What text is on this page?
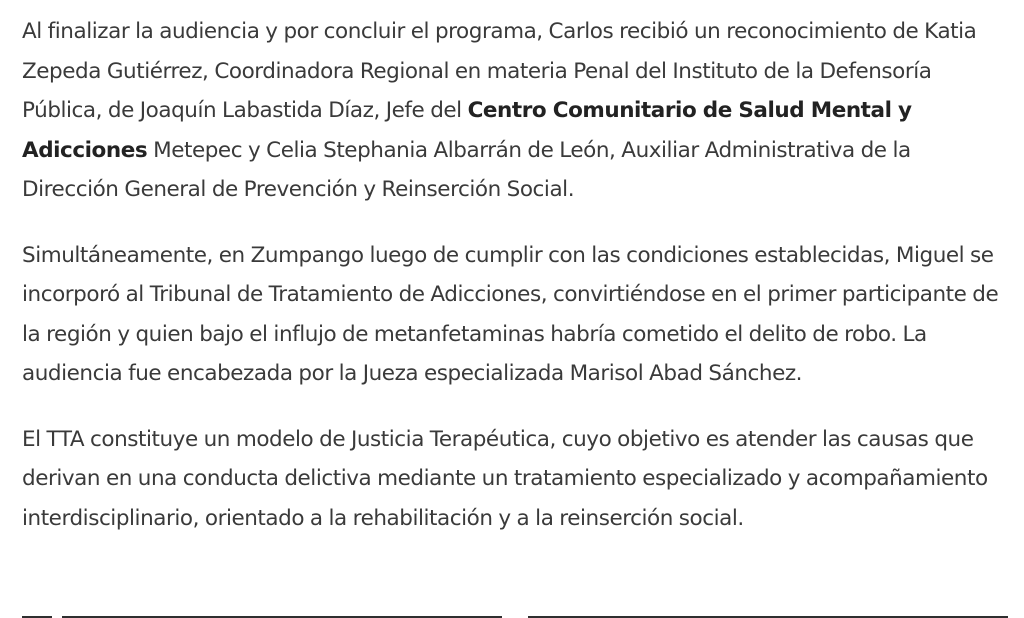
Al finalizar la audiencia y por concluir el programa, Carlos recibió un reconocimiento de Katia Zepeda Gutiérrez, Coordinadora Regional en materia Penal del Instituto de la Defensoría Pública, de Joaquín Labastida Díaz, Jefe del Centro Comunitario de Salud Mental y Adicciones Metepec y Celia Stephania Albarrán de León, Auxiliar Administrativa de la Dirección General de Prevención y Reinserción Social.

Simultáneamente, en Zumpango luego de cumplir con las condiciones establecidas, Miguel se incorporó al Tribunal de Tratamiento de Adicciones, convirtiéndose en el primer participante de la región y quien bajo el influjo de metanfetaminas habría cometido el delito de robo. La audiencia fue encabezada por la Jueza especializada Marisol Abad Sánchez.

El TTA constituye un modelo de Justicia Terapéutica, cuyo objetivo es atender las causas que derivan en una conducta delictiva mediante un tratamiento especializado y acompañamiento interdisciplinario, orientado a la rehabilitación y a la reinserción social.
